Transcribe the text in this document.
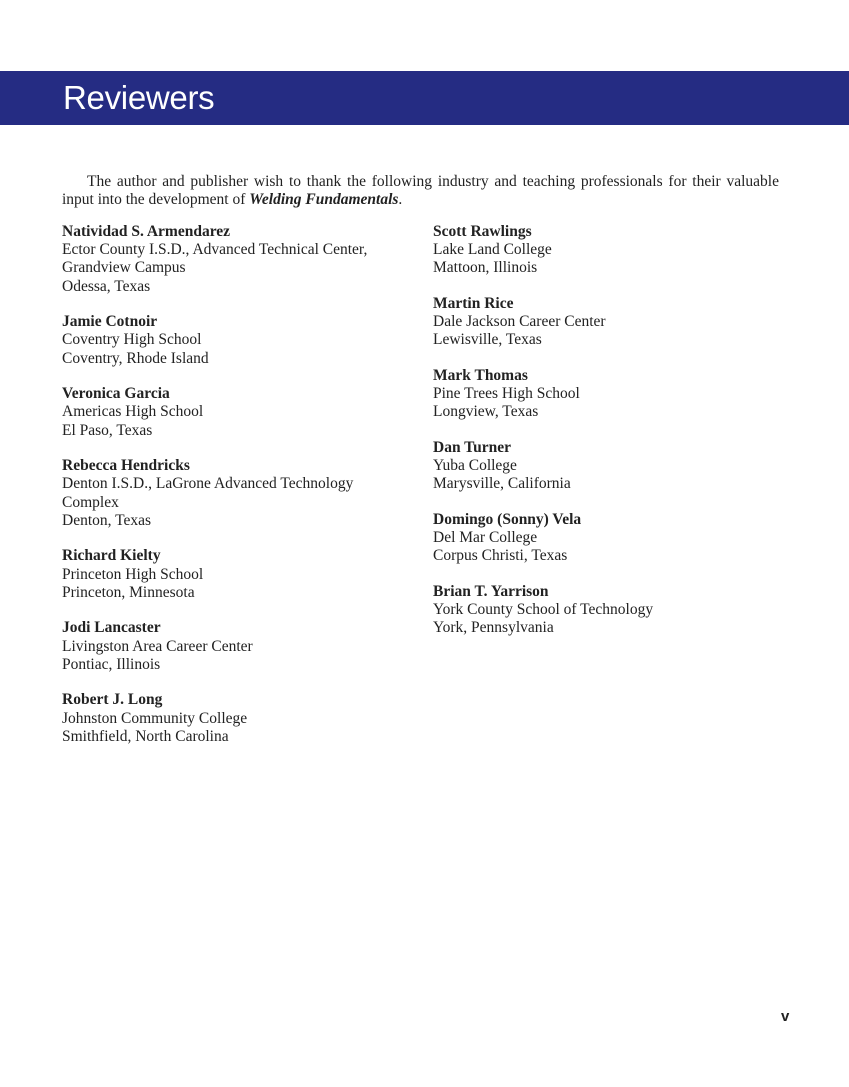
Reviewers

The author and publisher wish to thank the following industry and teaching professionals for their valuable input into the development of Welding Fundamentals.

Natividad S. Armendarez
Ector County I.S.D., Advanced Technical Center,
Grandview Campus
Odessa, Texas
Jamie Cotnoir
Coventry High School
Coventry, Rhode Island
Veronica Garcia
Americas High School
El Paso, Texas
Rebecca Hendricks
Denton I.S.D., LaGrone Advanced Technology
Complex
Denton, Texas
Richard Kielty
Princeton High School
Princeton, Minnesota
Jodi Lancaster
Livingston Area Career Center
Pontiac, Illinois
Robert J. Long
Johnston Community College
Smithfield, North Carolina
Scott Rawlings
Lake Land College
Mattoon, Illinois
Martin Rice
Dale Jackson Career Center
Lewisville, Texas
Mark Thomas
Pine Trees High School
Longview, Texas
Dan Turner
Yuba College
Marysville, California
Domingo (Sonny) Vela
Del Mar College
Corpus Christi, Texas
Brian T. Yarrison
York County School of Technology
York, Pennsylvania
v
